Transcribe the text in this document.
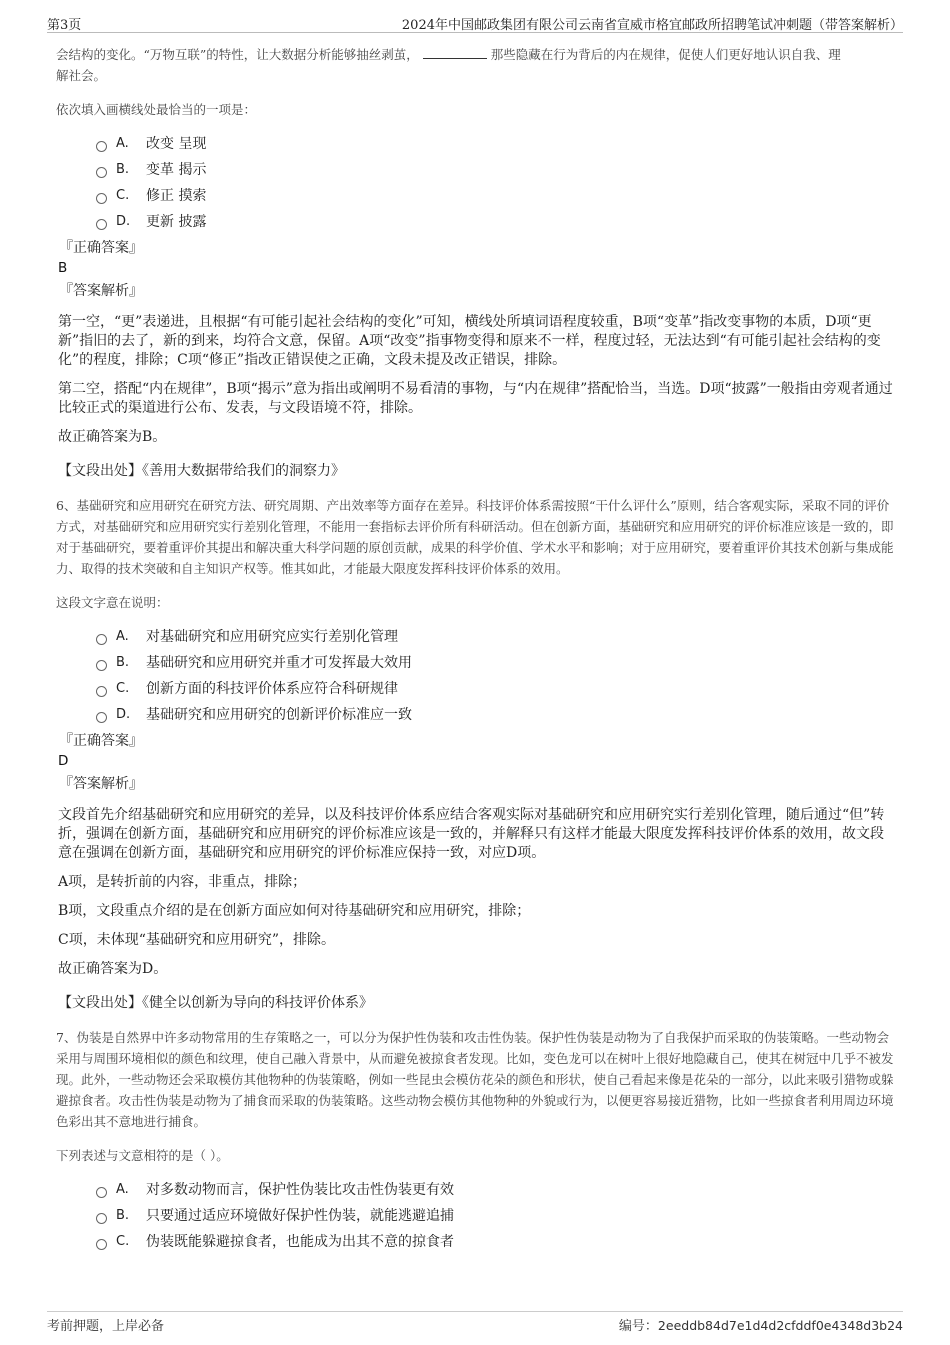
第3页	2024年中国邮政集团有限公司云南省宣威市格宜邮政所招聘笔试冲刺题（带答案解析）

会结构的变化。“万物互联”的特性，让大数据分析能够抽丝剥茧，	那些隐藏在行为背后的内在规律，促使人们更好地认识自我、理
解社会。

依次填入画横线处最恰当的一项是：

A.	改变 呈现
B.	变革 揭示
C.	修正 摸索
D.	更新 披露
『正确答案』
B
『答案解析』

第一空，“更”表递进，且根据“有可能引起社会结构的变化”可知，横线处所填词语程度较重，B项“变革”指改变事物的本质，D项“更新”指旧的去了，新的到来，均符合文意，保留。A项“改变”指事物变得和原来不一样，程度过轻，无法达到“有可能引起社会结构的变化”的程度，排除；C项“修正”指改正错误使之正确，文段未提及改正错误，排除。

第二空，搭配“内在规律”，B项“揭示”意为指出或阐明不易看清的事物，与“内在规律”搭配恰当，当选。D项“披露”一般指由旁观者通过比较正式的渠道进行公布、发表，与文段语境不符，排除。

故正确答案为B。

【文段出处】《善用大数据带给我们的洞察力》

6、基础研究和应用研究在研究方法、研究周期、产出效率等方面存在差异。科技评价体系需按照“干什么评什么”原则，结合客观实际，采取不同的评价方式，对基础研究和应用研究实行差别化管理，不能用一套指标去评价所有科研活动。但在创新方面，基础研究和应用研究的评价标准应该是一致的，即对于基础研究，要着重评价其提出和解决重大科学问题的原创贡献，成果的科学价值、学术水平和影响；对于应用研究，要着重评价其技术创新与集成能力、取得的技术突破和自主知识产权等。惟其如此，才能最大限度发挥科技评价体系的效用。

这段文字意在说明：

A.	对基础研究和应用研究应实行差别化管理
B.	基础研究和应用研究并重才可发挥最大效用
C.	创新方面的科技评价体系应符合科研规律
D.	基础研究和应用研究的创新评价标准应一致
『正确答案』
D
『答案解析』

文段首先介绍基础研究和应用研究的差异，以及科技评价体系应结合客观实际对基础研究和应用研究实行差别化管理，随后通过“但”转折，强调在创新方面，基础研究和应用研究的评价标准应该是一致的，并解释只有这样才能最大限度发挥科技评价体系的效用，故文段意在强调在创新方面，基础研究和应用研究的评价标准应保持一致，对应D项。

A项，是转折前的内容，非重点，排除；

B项，文段重点介绍的是在创新方面应如何对待基础研究和应用研究，排除；

C项，未体现“基础研究和应用研究”，排除。

故正确答案为D。

【文段出处】《健全以创新为导向的科技评价体系》

7、伪装是自然界中许多动物常用的生存策略之一，可以分为保护性伪装和攻击性伪装。保护性伪装是动物为了自我保护而采取的伪装策略。一些动物会采用与周围环境相似的颜色和纹理，使自己融入背景中，从而避免被掠食者发现。比如，变色龙可以在树叶上很好地隐藏自己，使其在树冠中几乎不被发现。此外，一些动物还会采取模仿其他物种的伪装策略，例如一些昆虫会模仿花朵的颜色和形状，使自己看起来像是花朵的一部分，以此来吸引猎物或躲避掠食者。攻击性伪装是动物为了捕食而采取的伪装策略。这些动物会模仿其他物种的外貌或行为，以便更容易接近猎物，比如一些掠食者利用周边环境色彩出其不意地进行捕食。

下列表述与文意相符的是（ ）。

A.	对多数动物而言，保护性伪装比攻击性伪装更有效
B.	只要通过适应环境做好保护性伪装，就能逃避追捕
C.	伪装既能躲避掠食者，也能成为出其不意的掠食者
考前押题，上岸必备	编号：2eeddb84d7e1d4d2cfddf0e4348d3b24
